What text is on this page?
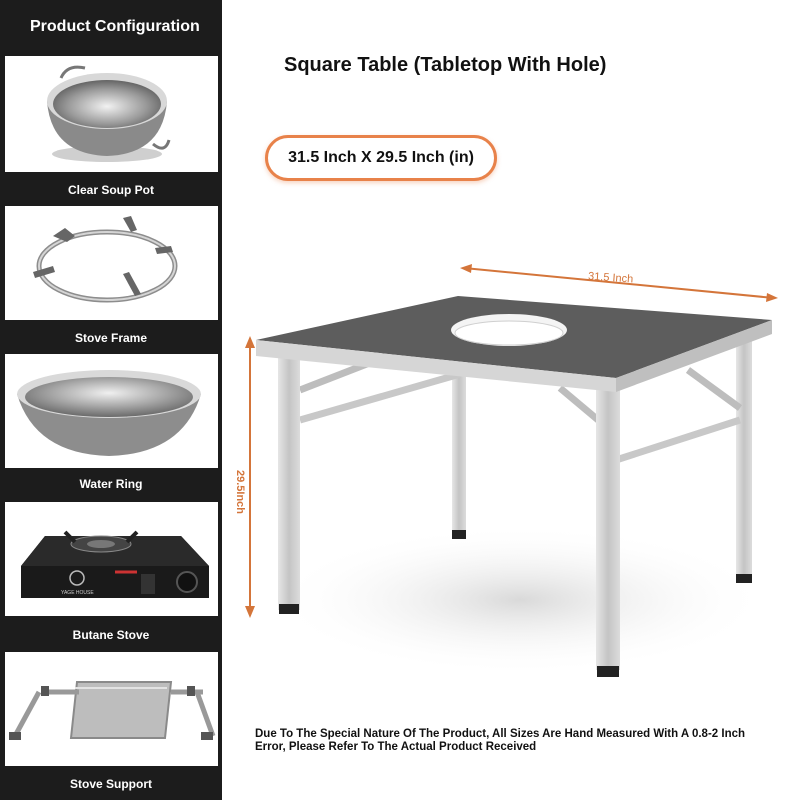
Product Configuration
Clear Soup Pot
Stove Frame
Water Ring
YAGE HOUSE
Butane Stove
Stove Support
Square Table (Tabletop With Hole)
31.5 Inch X 29.5 Inch (in)
31.5 Inch
29.5Inch
Due To The Special Nature Of The Product, All Sizes Are Hand Measured With A 0.8-2 Inch Error, Please Refer To The Actual Product Received
